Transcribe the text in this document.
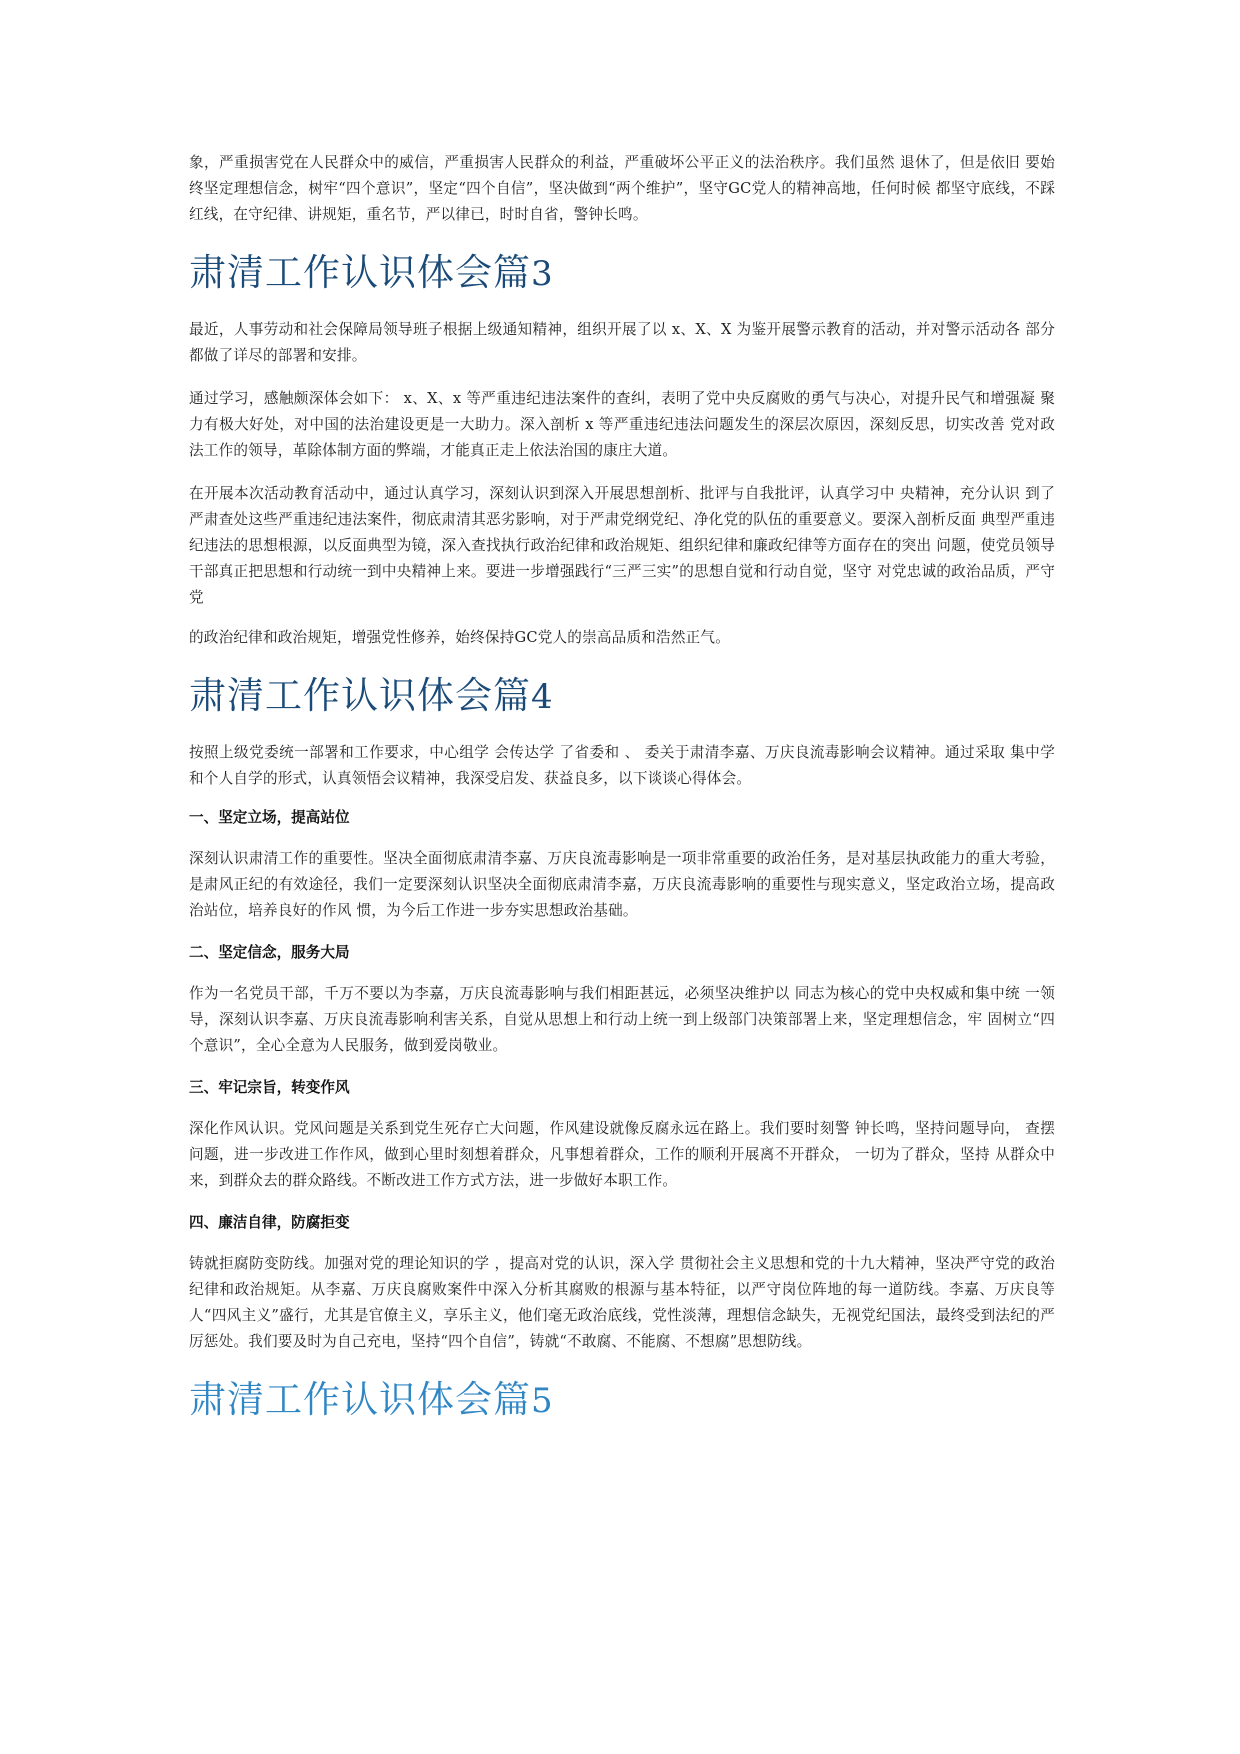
象，严重损害党在人民群众中的威信，严重损害人民群众的利益，严重破坏公平正义的法治秩序。我们虽然 退休了，但是依旧 要始终坚定理想信念，树牢“四个意识”，坚定“四个自信”，坚决做到“两个维护”，坚守GC党人的精神高地，任何时候 都坚守底线，不踩红线，在守纪律、讲规矩，重名节，严以律已，时时自省，警钟长鸣。

肃清工作认识体会篇3

最近，人事劳动和社会保障局领导班子根据上级通知精神，组织开展了以 x、X、X 为鉴开展警示教育的活动，并对警示活动各 部分都做了详尽的部署和安排。

通过学习，感触颇深体会如下： x、X、x 等严重违纪违法案件的查纠，表明了党中央反腐败的勇气与决心，对提升民气和增强凝 聚力有极大好处，对中国的法治建设更是一大助力。深入剖析 x 等严重违纪违法问题发生的深层次原因，深刻反思，切实改善 党对政法工作的领导，革除体制方面的弊端，才能真正走上依法治国的康庄大道。

在开展本次活动教育活动中，通过认真学习，深刻认识到深入开展思想剖析、批评与自我批评，认真学习中 央精神，充分认识 到了严肃查处这些严重违纪违法案件，彻底肃清其恶劣影响，对于严肃党纲党纪、净化党的队伍的重要意义。要深入剖析反面 典型严重违纪违法的思想根源，以反面典型为镜，深入查找执行政治纪律和政治规矩、组织纪律和廉政纪律等方面存在的突出 问题，使党员领导干部真正把思想和行动统一到中央精神上来。要进一步增强践行“三严三实”的思想自觉和行动自觉，坚守 对党忠诚的政治品质，严守党

的政治纪律和政治规矩，增强党性修养，始终保持GC党人的崇高品质和浩然正气。

肃清工作认识体会篇4

按照上级党委统一部署和工作要求，中心组学 会传达学 了省委和 、 委关于肃清李嘉、万庆良流毒影响会议精神。通过采取 集中学 和个人自学的形式，认真领悟会议精神，我深受启发、获益良多，以下谈谈心得体会。

一、坚定立场，提高站位

深刻认识肃清工作的重要性。坚决全面彻底肃清李嘉、万庆良流毒影响是一项非常重要的政治任务，是对基层执政能力的重大考验，是肃风正纪的有效途径，我们一定要深刻认识坚决全面彻底肃清李嘉，万庆良流毒影响的重要性与现实意义，坚定政治立场，提高政治站位，培养良好的作风 惯，为今后工作进一步夯实思想政治基础。

二、坚定信念，服务大局

作为一名党员干部，千万不要以为李嘉，万庆良流毒影响与我们相距甚远，必须坚决维护以 同志为核心的党中央权威和集中统 一领导，深刻认识李嘉、万庆良流毒影响利害关系，自觉从思想上和行动上统一到上级部门决策部署上来，坚定理想信念，牢 固树立“四个意识”，全心全意为人民服务，做到爱岗敬业。

三、牢记宗旨，转变作风

深化作风认识。党风问题是关系到党生死存亡大问题，作风建设就像反腐永远在路上。我们要时刻警 钟长鸣，坚持问题导向， 查摆问题，进一步改进工作作风，做到心里时刻想着群众，凡事想着群众，工作的顺利开展离不开群众， 一切为了群众，坚持 从群众中来，到群众去的群众路线。不断改进工作方式方法，进一步做好本职工作。

四、廉洁自律，防腐拒变

铸就拒腐防变防线。加强对党的理论知识的学 ，提高对党的认识，深入学 贯彻社会主义思想和党的十九大精神，坚决严守党的政治纪律和政治规矩。从李嘉、万庆良腐败案件中深入分析其腐败的根源与基本特征，以严守岗位阵地的每一道防线。李嘉、万庆良等人“四风主义”盛行，尤其是官僚主义，享乐主义，他们毫无政治底线，党性淡薄，理想信念缺失，无视党纪国法，最终受到法纪的严厉惩处。我们要及时为自己充电，坚持“四个自信”，铸就“不敢腐、不能腐、不想腐”思想防线。

肃清工作认识体会篇5
